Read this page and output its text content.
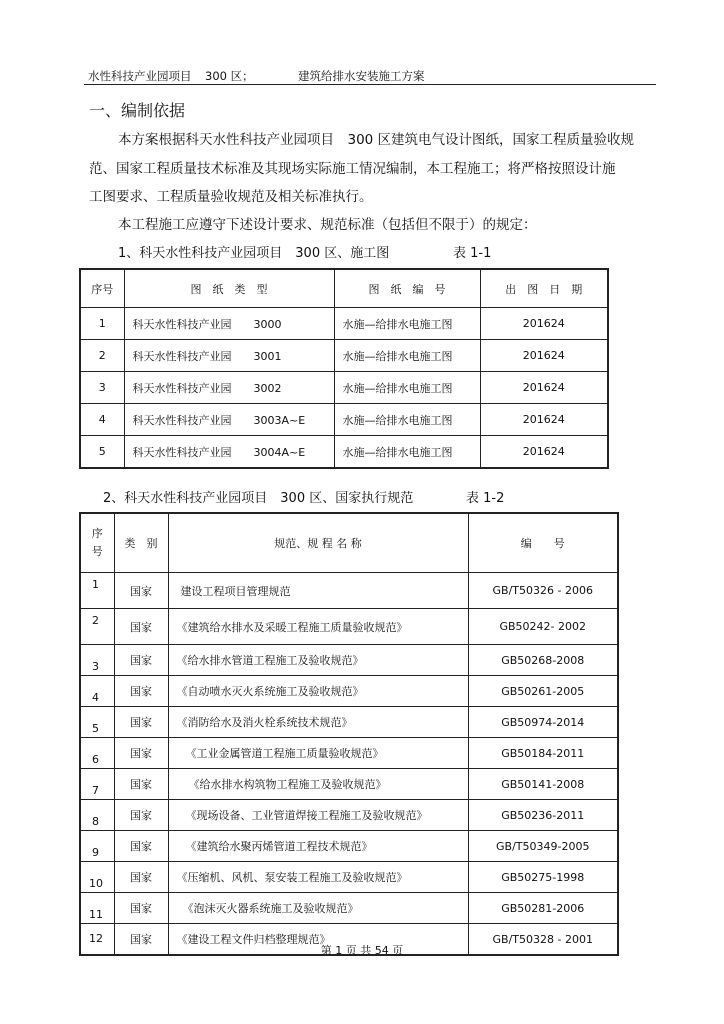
水性科技产业园项目 300 区；	建筑给排水安装施工方案
一、编制依据
本方案根据科天水性科技产业园项目　300 区建筑电气设计图纸，国家工程质量验收规
范、国家工程质量技术标准及其现场实际施工情况编制，本工程施工；将严格按照设计施
工图要求、工程质量验收规范及相关标准执行。
本工程施工应遵守下述设计要求、规范标准（包括但不限于）的规定：
1、科天水性科技产业园项目　300 区、施工图	表 1-1
序号	图　纸　类　型	图　纸　编　号	出　图　日　期
1	科天水性科技产业园　　3000	水施—给排水电施工图	201624
2	科天水性科技产业园　　3001	水施—给排水电施工图	201624
3	科天水性科技产业园　　3002	水施—给排水电施工图	201624
4	科天水性科技产业园　　3003A~E	水施—给排水电施工图	201624
5	科天水性科技产业园　　3004A~E	水施—给排水电施工图	201624
2、科天水性科技产业园项目　300 区、国家执行规范	表 1-2
序号	类　别	规范、规 程 名 称	编　　号
1	国家	建设工程项目管理规范	GB/T50326 - 2006
2	国家	《建筑给水排水及采暖工程施工质量验收规范》	GB50242- 2002
3	国家	《给水排水管道工程施工及验收规范》	GB50268-2008
4	国家	《自动喷水灭火系统施工及验收规范》	GB50261-2005
5	国家	《消防给水及消火栓系统技术规范》	GB50974-2014
6	国家	《工业金属管道工程施工质量验收规范》	GB50184-2011
7	国家	《给水排水构筑物工程施工及验收规范》	GB50141-2008
8	国家	《现场设备、工业管道焊接工程施工及验收规范》	GB50236-2011
9	国家	《建筑给水聚丙烯管道工程技术规范》	GB/T50349-2005
10	国家	《压缩机、风机、泵安装工程施工及验收规范》	GB50275-1998
11	国家	《泡沫灭火器系统施工及验收规范》	GB50281-2006
12	国家	《建设工程文件归档整理规范》	GB/T50328 - 2001
第 1 页 共 54 页
